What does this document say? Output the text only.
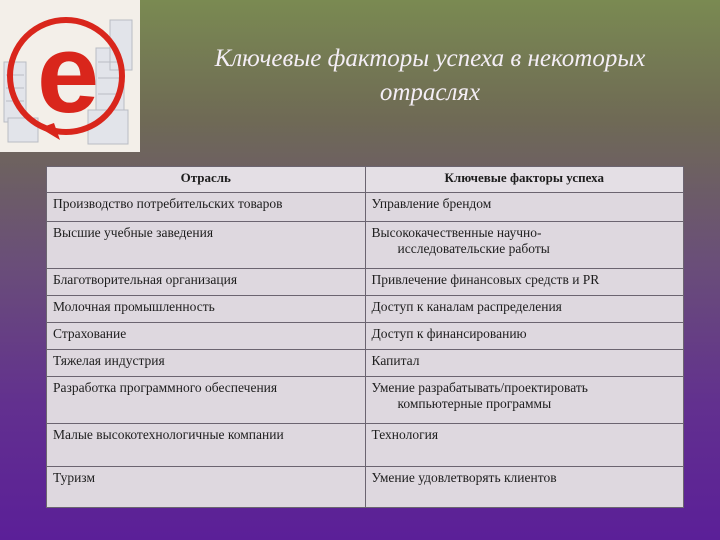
e	Ключевые факторы успеха в некоторых
отраслях
Отрасль	Ключевые факторы успеха
Производство потребительских товаров	Управление брендом
Высшие учебные заведения	Высококачественные научно-
исследовательские работы

Благотворительная организация	Привлечение финансовых средств и PR
Молочная промышленность	Доступ к каналам распределения
Страхование	Доступ к финансированию
Тяжелая индустрия	Капитал
Разработка программного обеспечения	Умение разрабатывать/проектировать
компьютерные программы

Малые высокотехнологичные компании	Технология
Туризм	Умение удовлетворять клиентов
